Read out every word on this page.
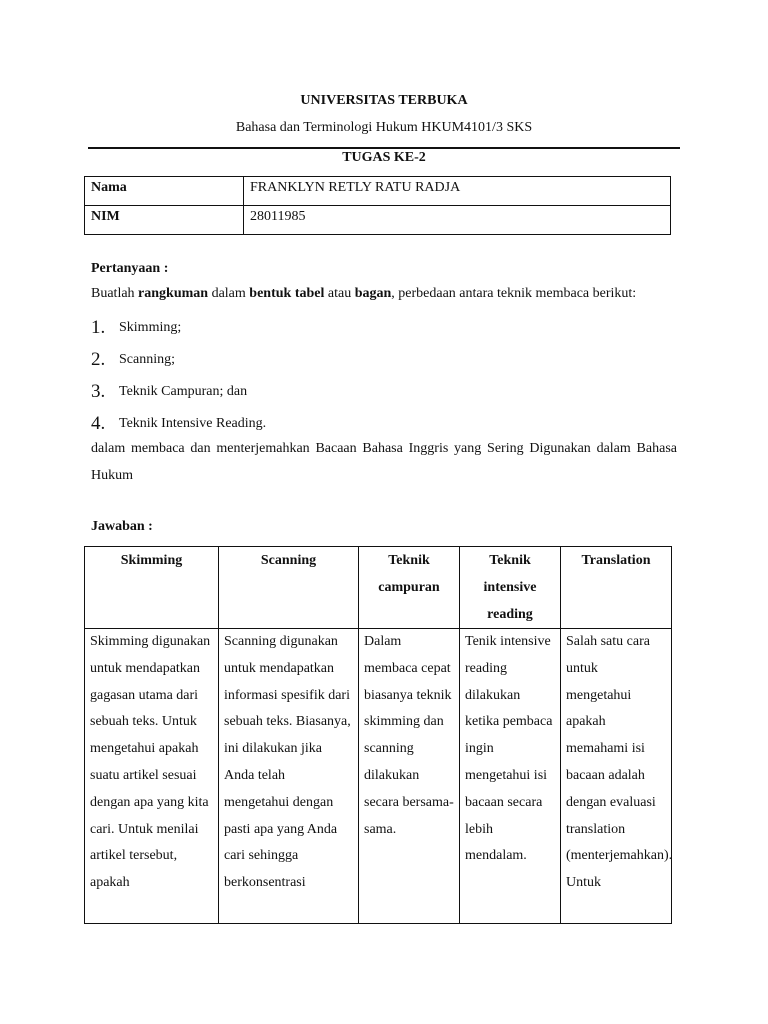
UNIVERSITAS TERBUKA
Bahasa dan Terminologi Hukum HKUM4101/3 SKS
TUGAS KE-2
Nama	FRANKLYN RETLY RATU RADJA
NIM	28011985
Pertanyaan :
Buatlah rangkuman dalam bentuk tabel atau bagan, perbedaan antara teknik membaca berikut:
1. Skimming;
2. Scanning;
3. Teknik Campuran; dan
4. Teknik Intensive Reading.
dalam membaca dan menterjemahkan Bacaan Bahasa Inggris yang Sering Digunakan dalam Bahasa Hukum
Jawaban :
Skimming	Scanning	Teknik campuran	Teknik intensive reading	Translation
Skimming digunakan untuk mendapatkan gagasan utama dari sebuah teks. Untuk mengetahui apakah suatu artikel sesuai dengan apa yang kita cari. Untuk menilai artikel tersebut, apakah	Scanning digunakan untuk mendapatkan informasi spesifik dari sebuah teks. Biasanya, ini dilakukan jika Anda telah mengetahui dengan pasti apa yang Anda cari sehingga berkonsentrasi	Dalam membaca cepat biasanya teknik skimming dan scanning dilakukan secara bersama-sama.	Tenik intensive reading dilakukan ketika pembaca ingin mengetahui isi bacaan secara lebih mendalam.	Salah satu cara untuk mengetahui apakah memahami isi bacaan adalah dengan evaluasi translation (menterjemahkan). Untuk
